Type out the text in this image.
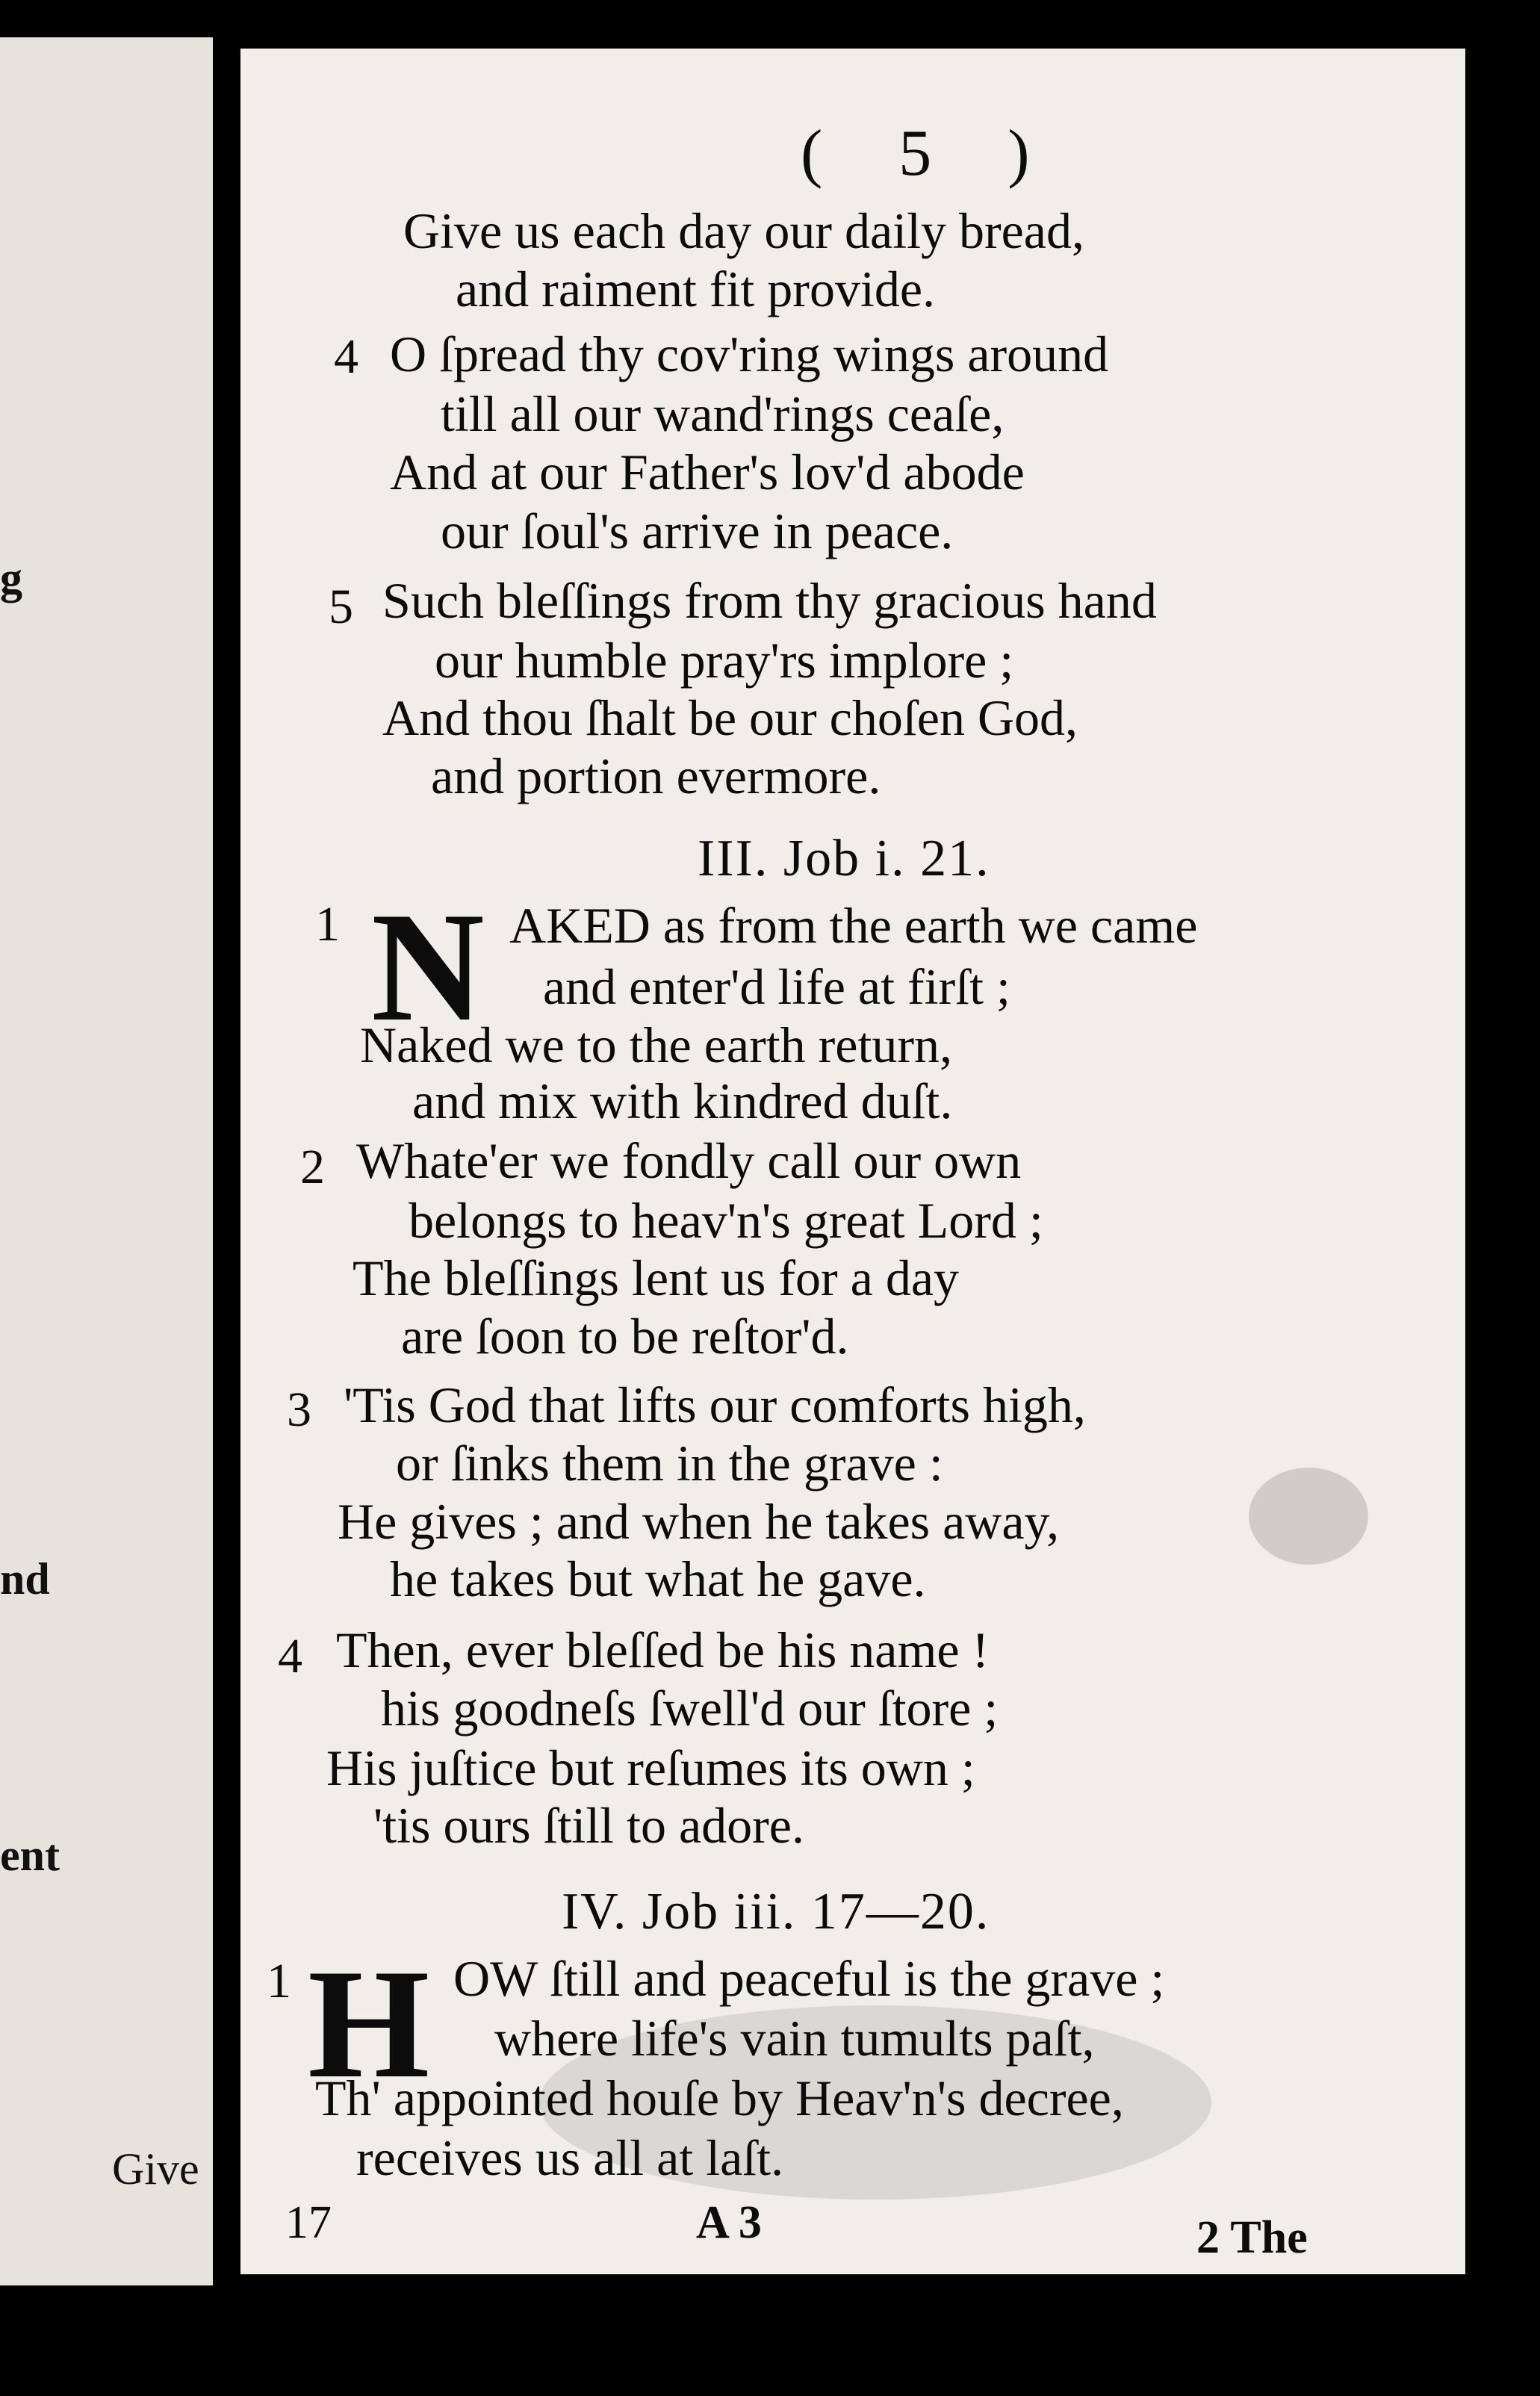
g
nd
ent
Give
( 5 )
Give us each day our daily bread,
and raiment fit provide.
4 O ſpread thy cov'ring wings around
till all our wand'rings ceaſe,
And at our Father's lov'd abode
our ſoul's arrive in peace.
5 Such bleſſings from thy gracious hand
our humble pray'rs implore ;
And thou ſhalt be our choſen God,
and portion evermore.
III. Job i. 21.
1 N AKED as from the earth we came
and enter'd life at firſt ;
Naked we to the earth return,
and mix with kindred duſt.
2 Whate'er we fondly call our own
belongs to heav'n's great Lord ;
The bleſſings lent us for a day
are ſoon to be reſtor'd.
3 'Tis God that lifts our comforts high,
or ſinks them in the grave :
He gives ; and when he takes away,
he takes but what he gave.
4 Then, ever bleſſed be his name !
his goodneſs ſwell'd our ſtore ;
His juſtice but reſumes its own ;
'tis ours ſtill to adore.
IV. Job iii. 17—20.
1 H OW ſtill and peaceful is the grave ;
where life's vain tumults paſt,
Th' appointed houſe by Heav'n's decree,
receives us all at laſt.
17	A 3	2 The
